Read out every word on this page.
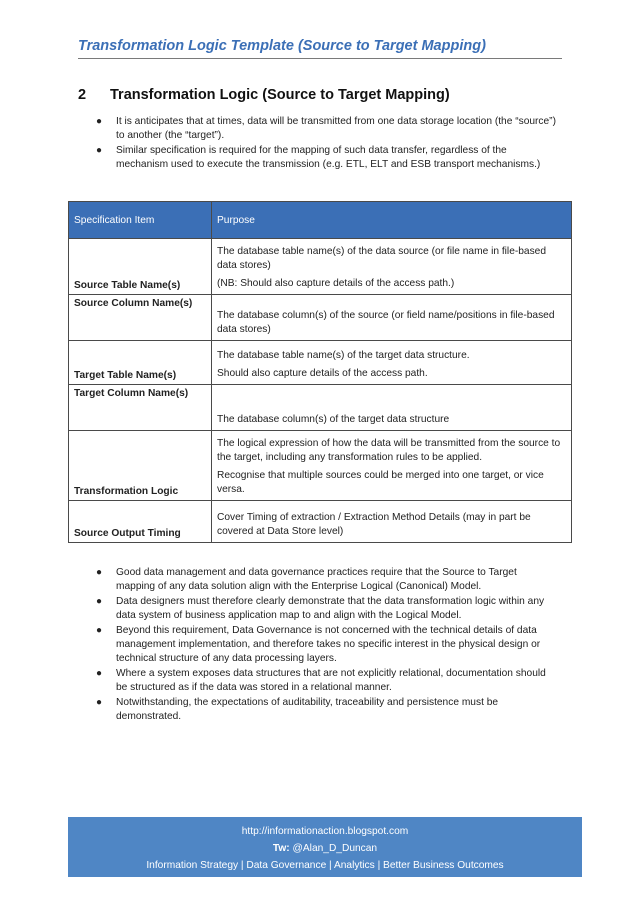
Transformation Logic Template (Source to Target Mapping)
2 Transformation Logic (Source to Target Mapping)
● It is anticipates that at times, data will be transmitted from one data storage location (the “source”) to another (the “target”).
● Similar specification is required for the mapping of such data transfer, regardless of the mechanism used to execute the transmission (e.g. ETL, ELT and ESB transport mechanisms.)
Specification Item	Purpose
Source Table Name(s)	The database table name(s) of the data source (or file name in file-based data stores)

(NB: Should also capture details of the access path.)

Source Column Name(s)	The database column(s) of the source (or field name/positions in file-based data stores)

Target Table Name(s)	The database table name(s) of the target data structure.

Should also capture details of the access path.

Target Column Name(s)	The database column(s) of the target data structure

Transformation Logic	The logical expression of how the data will be transmitted from the source to the target, including any transformation rules to be applied.

Recognise that multiple sources could be merged into one target, or vice versa.

Source Output Timing	Cover Timing of extraction / Extraction Method Details (may in part be covered at Data Store level)

● Good data management and data governance practices require that the Source to Target mapping of any data solution align with the Enterprise Logical (Canonical) Model.
● Data designers must therefore clearly demonstrate that the data transformation logic within any data system of business application map to and align with the Logical Model.
● Beyond this requirement, Data Governance is not concerned with the technical details of data management implementation, and therefore takes no specific interest in the physical design or technical structure of any data processing layers.
● Where a system exposes data structures that are not explicitly relational, documentation should be structured as if the data was stored in a relational manner.
● Notwithstanding, the expectations of auditability, traceability and persistence must be demonstrated.
http://informationaction.blogspot.com
Tw: @Alan_D_Duncan
Information Strategy | Data Governance | Analytics | Better Business Outcomes
